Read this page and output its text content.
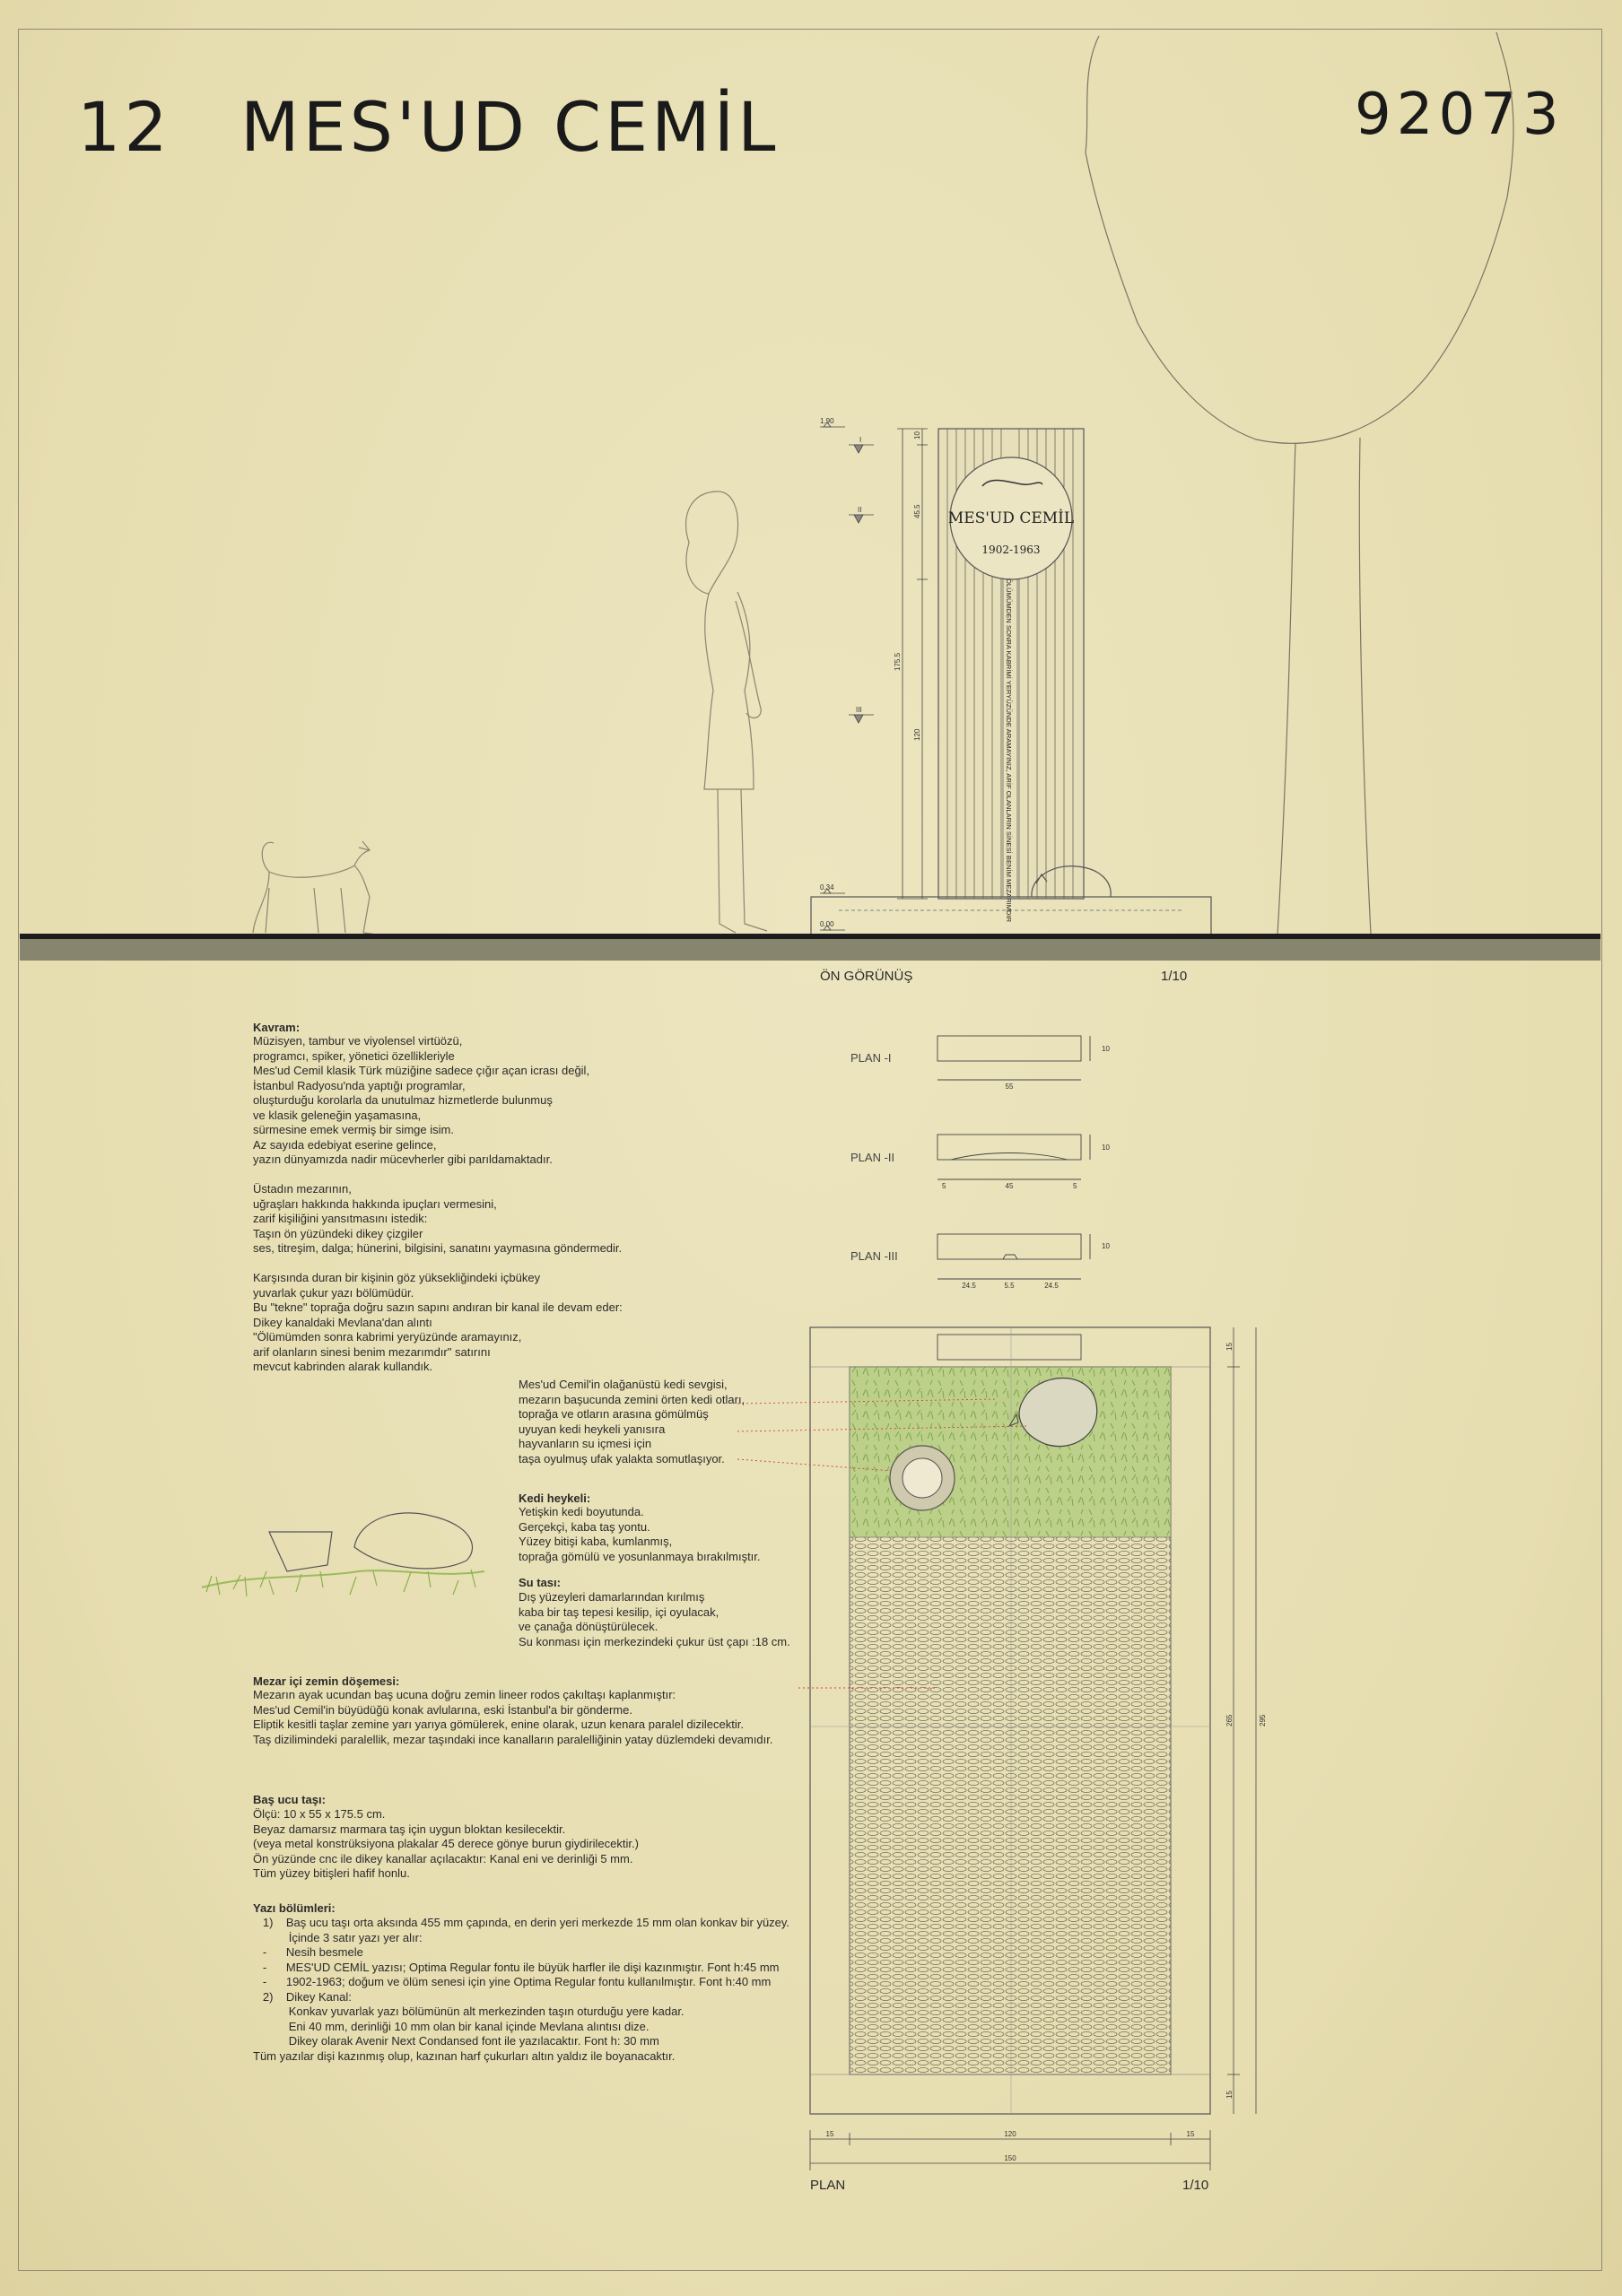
12 MES'UD CEMİL	92073
MES'UD CEMİL
1902-1963
ÖLÜMÜMDEN SONRA KABRİMİ YERYÜZÜNDE ARAMAYINIZ, ARİF OLANLARIN SİNESİ BENİM MEZARIMDIR
1.90
0.34
0.00
I
II
III
10
45.5
175.5
120
55
10
5	45	5
10
24.5	5.5	24.5
10
15	120	15
150
15
265	295
15
ÖN GÖRÜNÜŞ	1/10
PLAN -I
PLAN -II
PLAN -III
PLAN	1/10
Kavram:
Müzisyen, tambur ve viyolensel virtüözü,
programcı, spiker, yönetici özellikleriyle
Mes'ud Cemil klasik Türk müziğine sadece çığır açan icrası değil,
İstanbul Radyosu'nda yaptığı programlar,
oluşturduğu korolarla da unutulmaz hizmetlerde bulunmuş
ve klasik geleneğin yaşamasına,
sürmesine emek vermiş bir simge isim.
Az sayıda edebiyat eserine gelince,
yazın dünyamızda nadir mücevherler gibi parıldamaktadır.

Üstadın mezarının,
uğraşları hakkında hakkında ipuçları vermesini,
zarif kişiliğini yansıtmasını istedik:
Taşın ön yüzündeki dikey çizgiler
ses, titreşim, dalga; hünerini, bilgisini, sanatını yaymasına göndermedir.

Karşısında duran bir kişinin göz yüksekliğindeki içbükey
yuvarlak çukur yazı bölümüdür.
Bu "tekne" toprağa doğru sazın sapını andıran bir kanal ile devam eder:
Dikey kanaldaki Mevlana'dan alıntı
"Ölümümden sonra kabrimi yeryüzünde aramayınız,
arif olanların sinesi benim mezarımdır" satırını
mevcut kabrinden alarak kullandık.
Mes'ud Cemil'in olağanüstü kedi sevgisi,
mezarın başucunda zemini örten kedi otları,
toprağa ve otların arasına gömülmüş
uyuyan kedi heykeli yanısıra
hayvanların su içmesi için
taşa oyulmuş ufak yalakta somutlaşıyor.
Kedi heykeli:
Yetişkin kedi boyutunda.
Gerçekçi, kaba taş yontu.
Yüzey bitişi kaba, kumlanmış,
toprağa gömülü ve yosunlanmaya bırakılmıştır.
Su tası:
Dış yüzeyleri damarlarından kırılmış
kaba bir taş tepesi kesilip, içi oyulacak,
ve çanağa dönüştürülecek.
Su konması için merkezindeki çukur üst çapı :18 cm.
Mezar içi zemin döşemesi:
Mezarın ayak ucundan baş ucuna doğru zemin lineer rodos çakıltaşı kaplanmıştır:
Mes'ud Cemil'in büyüdüğü konak avlularına, eski İstanbul'a bir gönderme.
Eliptik kesitli taşlar zemine yarı yarıya gömülerek, enine olarak, uzun kenara paralel dizilecektir.
Taş dizilimindeki paralellik, mezar taşındaki ince kanalların paralelliğinin yatay düzlemdeki devamıdır.
Baş ucu taşı:
Ölçü: 10 x 55 x 175.5 cm.
Beyaz damarsız marmara taş için uygun bloktan kesilecektir.
(veya metal konstrüksiyona plakalar 45 derece gönye burun giydirilecektir.)
Ön yüzünde cnc ile dikey kanallar açılacaktır: Kanal eni ve derinliği 5 mm.
Tüm yüzey bitişleri hafif honlu.
Yazı bölümleri:
1)    Baş ucu taşı orta aksında 455 mm çapında, en derin yeri merkezde 15 mm olan konkav bir yüzey.
İçinde 3 satır yazı yer alır:
-      Nesih besmele
-      MES'UD CEMİL yazısı; Optima Regular fontu ile büyük harfler ile dişi kazınmıştır. Font h:45 mm
-      1902-1963; doğum ve ölüm senesi için yine Optima Regular fontu kullanılmıştır. Font h:40 mm
2)    Dikey Kanal:
Konkav yuvarlak yazı bölümünün alt merkezinden taşın oturduğu yere kadar.
Eni 40 mm, derinliği 10 mm olan bir kanal içinde Mevlana alıntısı dize.
Dikey olarak Avenir Next Condansed font ile yazılacaktır. Font h: 30 mm
Tüm yazılar dişi kazınmış olup, kazınan harf çukurları altın yaldız ile boyanacaktır.
